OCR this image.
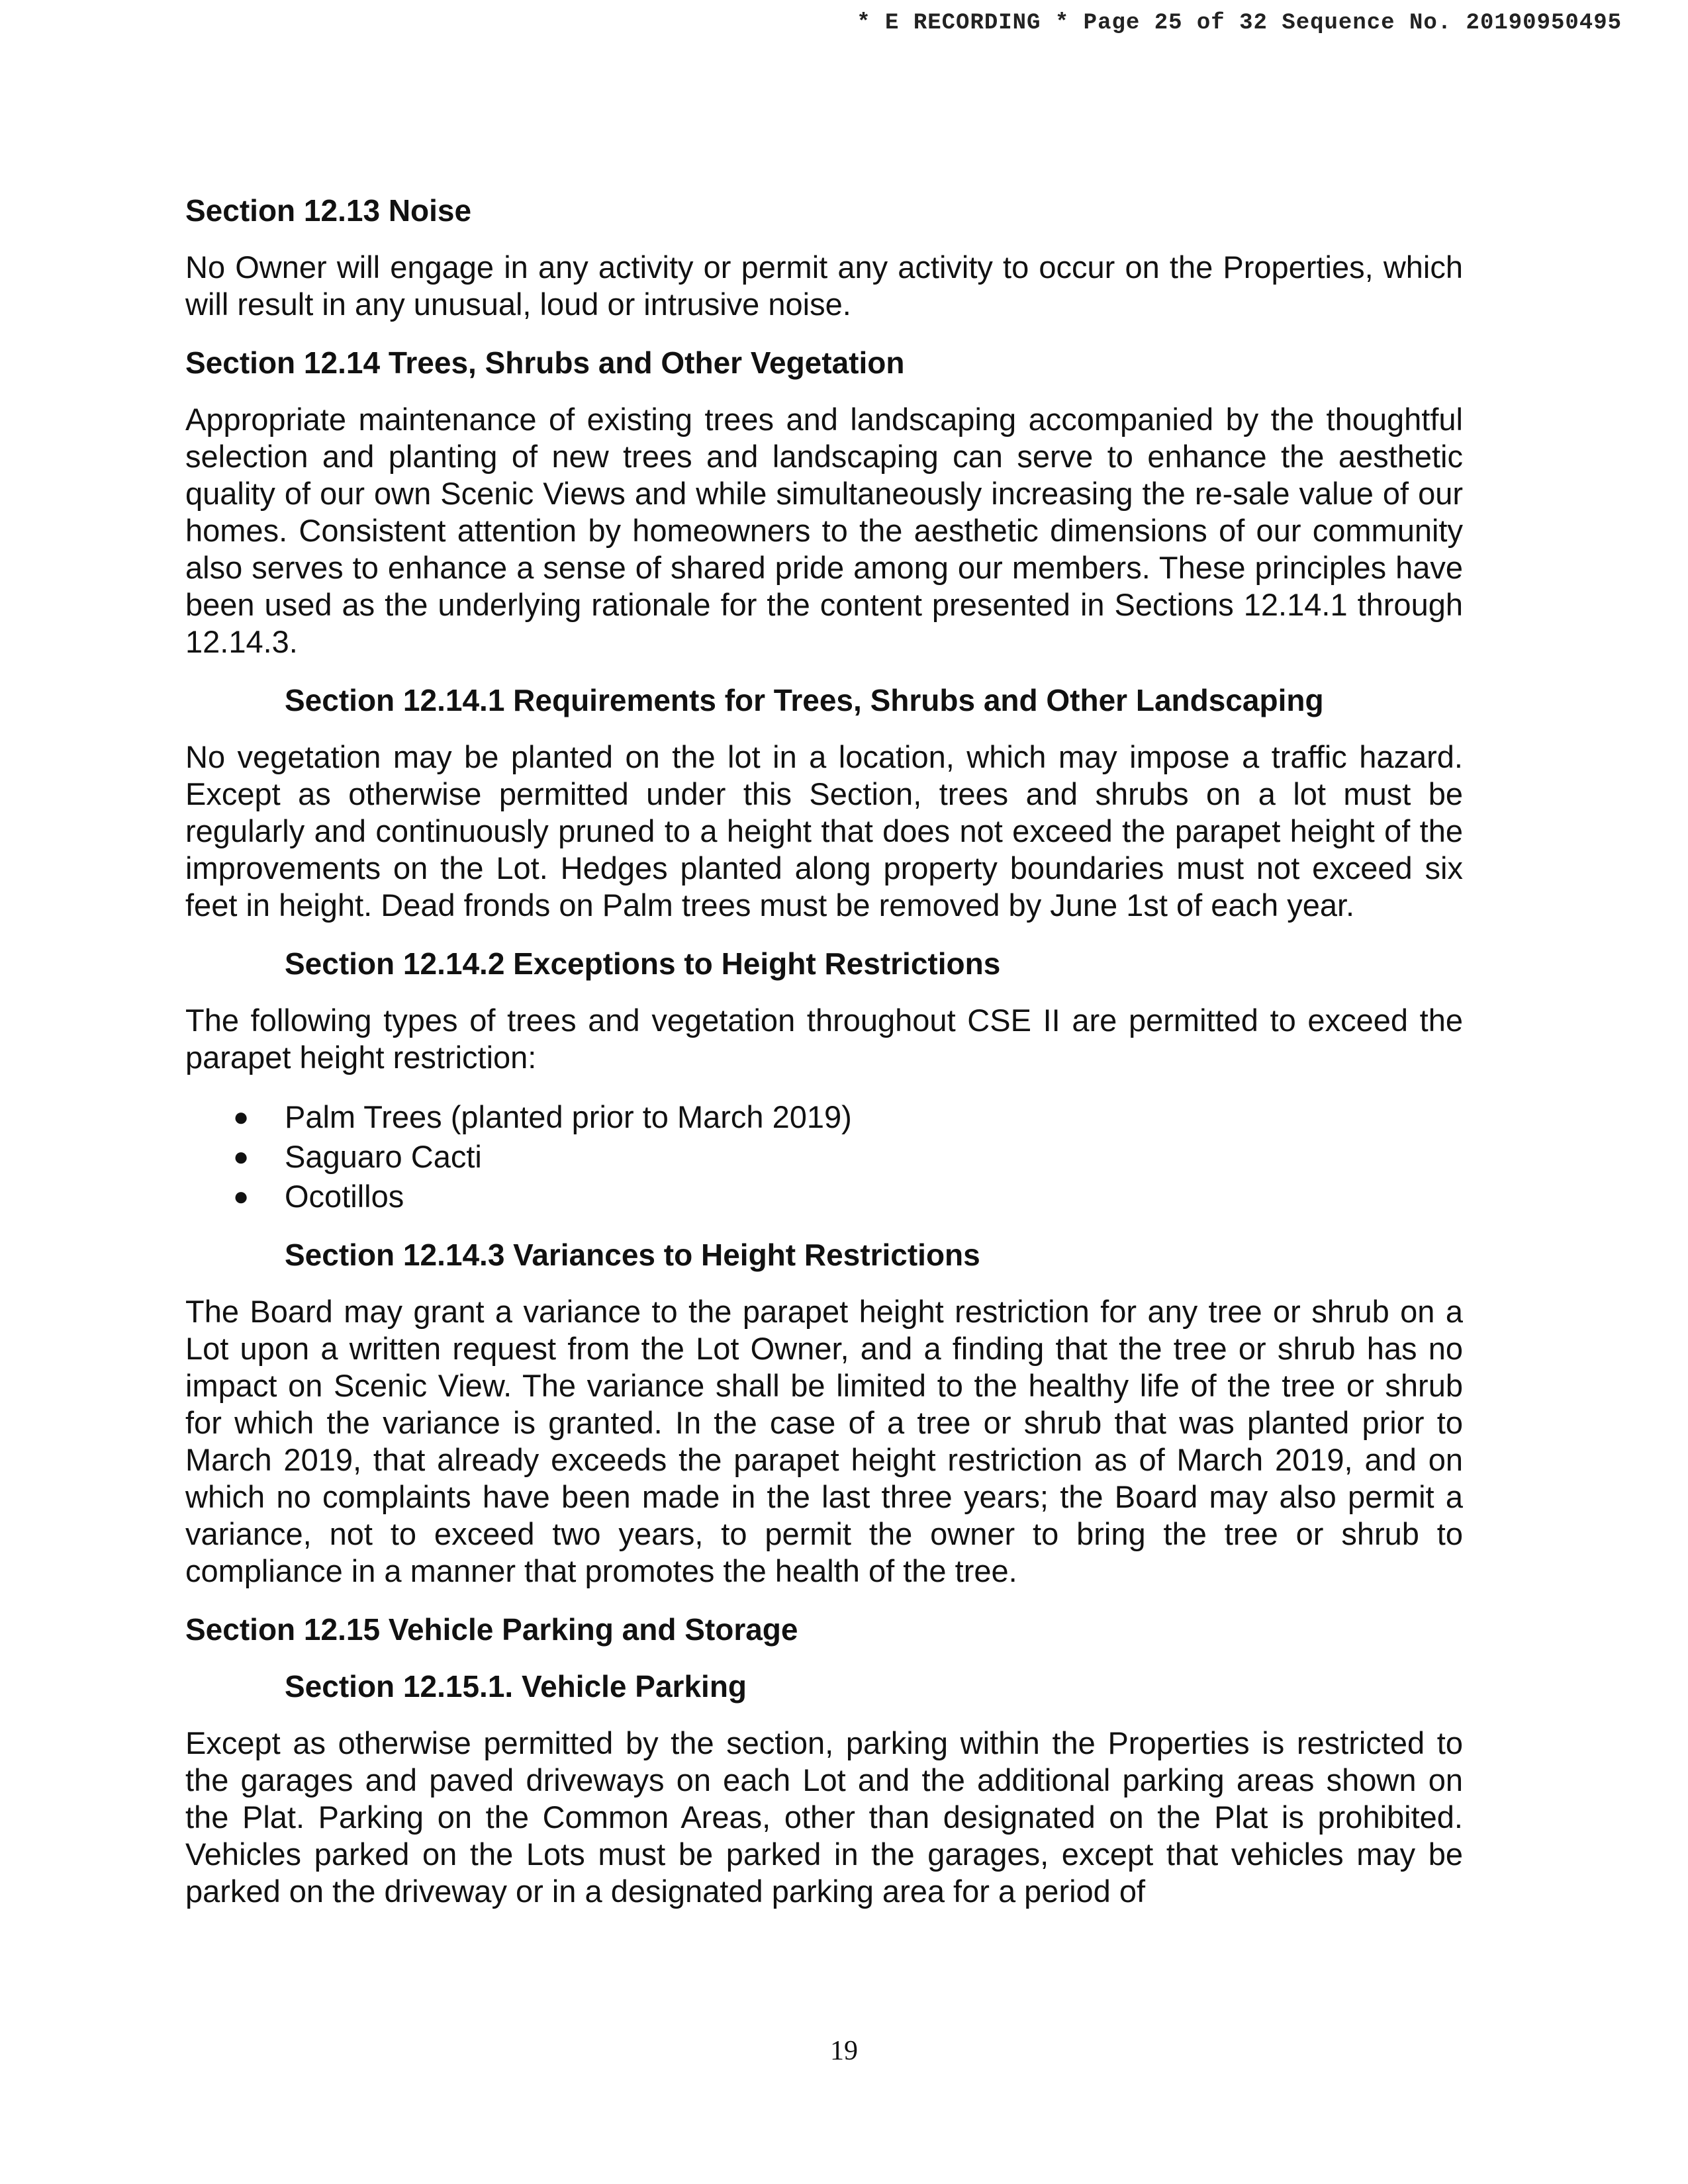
* E RECORDING * Page 25 of 32 Sequence No. 20190950495
Section 12.13 Noise

No Owner will engage in any activity or permit any activity to occur on the Properties, which will result in any unusual, loud or intrusive noise.

Section 12.14 Trees, Shrubs and Other Vegetation

Appropriate maintenance of existing trees and landscaping accompanied by the thoughtful selection and planting of new trees and landscaping can serve to enhance the aesthetic quality of our own Scenic Views and while simultaneously increasing the re-sale value of our homes. Consistent attention by homeowners to the aesthetic dimensions of our community also serves to enhance a sense of shared pride among our members. These principles have been used as the underlying rationale for the content presented in Sections 12.14.1 through 12.14.3.

Section 12.14.1 Requirements for Trees, Shrubs and Other Landscaping

No vegetation may be planted on the lot in a location, which may impose a traffic hazard. Except as otherwise permitted under this Section, trees and shrubs on a lot must be regularly and continuously pruned to a height that does not exceed the parapet height of the improvements on the Lot. Hedges planted along property boundaries must not exceed six feet in height. Dead fronds on Palm trees must be removed by June 1st of each year.

Section 12.14.2 Exceptions to Height Restrictions

The following types of trees and vegetation throughout CSE II are permitted to exceed the parapet height restriction:

● Palm Trees (planted prior to March 2019)
● Saguaro Cacti
● Ocotillos
Section 12.14.3 Variances to Height Restrictions

The Board may grant a variance to the parapet height restriction for any tree or shrub on a Lot upon a written request from the Lot Owner, and a finding that the tree or shrub has no impact on Scenic View. The variance shall be limited to the healthy life of the tree or shrub for which the variance is granted. In the case of a tree or shrub that was planted prior to March 2019, that already exceeds the parapet height restriction as of March 2019, and on which no complaints have been made in the last three years; the Board may also permit a variance, not to exceed two years, to permit the owner to bring the tree or shrub to compliance in a manner that promotes the health of the tree.

Section 12.15 Vehicle Parking and Storage
Section 12.15.1. Vehicle Parking

Except as otherwise permitted by the section, parking within the Properties is restricted to the garages and paved driveways on each Lot and the additional parking areas shown on the Plat. Parking on the Common Areas, other than designated on the Plat is prohibited. Vehicles parked on the Lots must be parked in the garages, except that vehicles may be parked on the driveway or in a designated parking area for a period of

19
